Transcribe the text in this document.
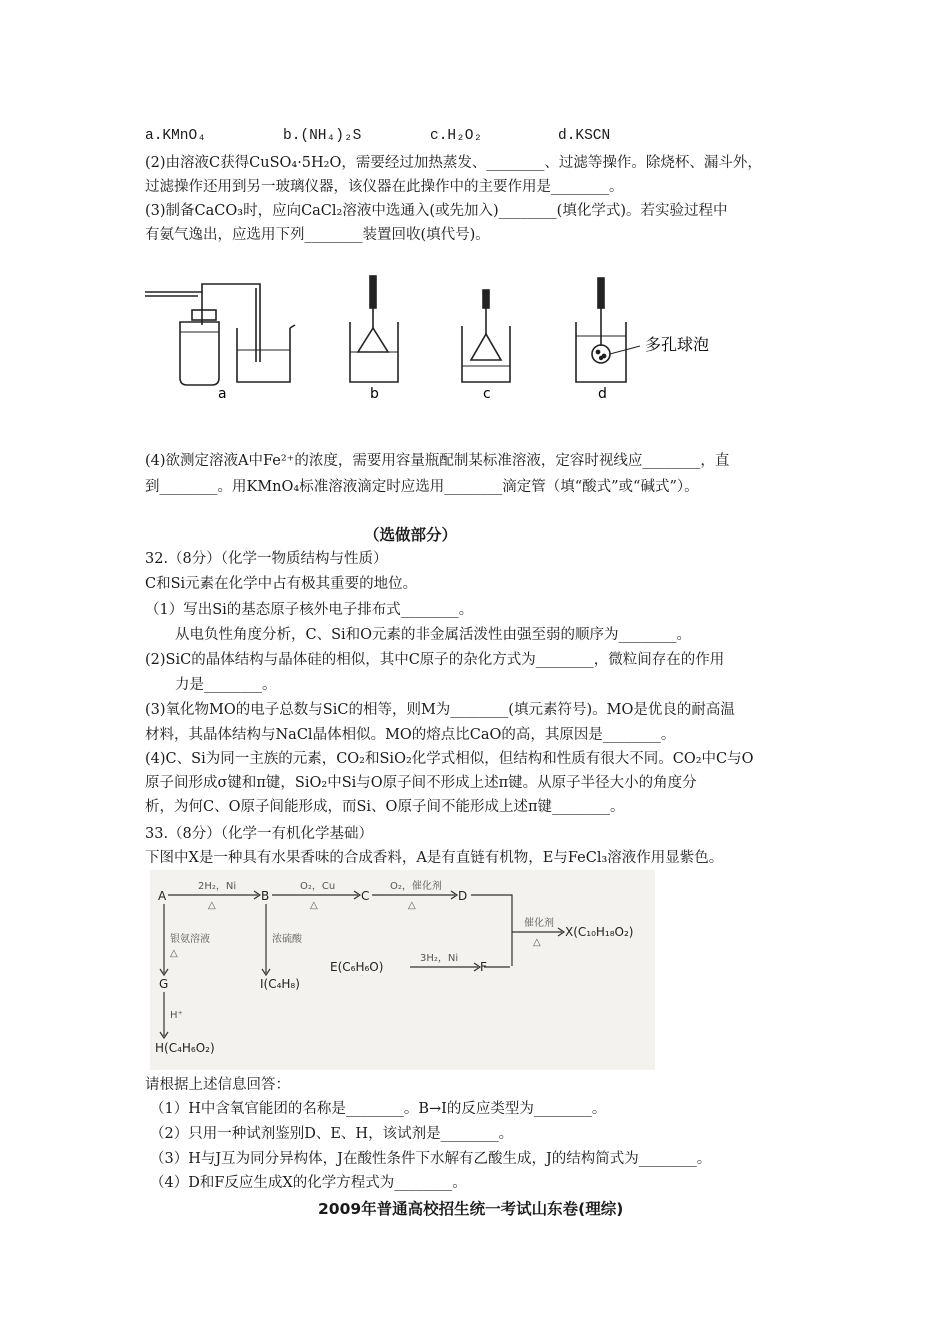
a.KMnO₄	b.(NH₄)₂S	c.H₂O₂	d.KSCN
(2)由溶液C获得CuSO₄·5H₂O，需要经过加热蒸发、________、过滤等操作。除烧杯、漏斗外，
过滤操作还用到另一玻璃仪器，该仪器在此操作中的主要作用是________。
(3)制备CaCO₃时，应向CaCl₂溶液中选通入(或先加入)________(填化学式)。若实验过程中
有氨气逸出，应选用下列________装置回收(填代号)。
a	b	c	d
多孔球泡
(4)欲测定溶液A中Fe²⁺的浓度，需要用容量瓶配制某标准溶液，定容时视线应________，直
到________。用KMnO₄标准溶液滴定时应选用________滴定管（填“酸式”或“碱式”）。
（选做部分）
32.（8分）（化学一物质结构与性质）
C和Si元素在化学中占有极其重要的地位。
（1）写出Si的基态原子核外电子排布式________。
从电负性角度分析，C、Si和O元素的非金属活泼性由强至弱的顺序为________。
(2)SiC的晶体结构与晶体硅的相似，其中C原子的杂化方式为________，微粒间存在的作用
力是________。
(3)氧化物MO的电子总数与SiC的相等，则M为________(填元素符号)。MO是优良的耐高温
材料，其晶体结构与NaCl晶体相似。MO的熔点比CaO的高，其原因是________。
(4)C、Si为同一主族的元素，CO₂和SiO₂化学式相似，但结构和性质有很大不同。CO₂中C与O
原子间形成σ键和π键，SiO₂中Si与O原子间不形成上述π键。从原子半径大小的角度分
析，为何C、O原子间能形成，而Si、O原子间不能形成上述π键________。
33.（8分）（化学一有机化学基础）
下图中X是一种具有水果香味的合成香料，A是有直链有机物，E与FeCl₃溶液作用显紫色。
A	B	C	D
E(C₆H₆O)	F
G	I(C₄H₈)
H(C₄H₆O₂)
X(C₁₀H₁₈O₂)
2H₂，Ni
△
O₂，Cu
△
O₂，催化剂
△
催化剂
△
3H₂，Ni
银氨溶液
△
浓硫酸
H⁺
请根据上述信息回答：
（1）H中含氧官能团的名称是________。B→I的反应类型为________。
（2）只用一种试剂鉴别D、E、H，该试剂是________。
（3）H与J互为同分异构体，J在酸性条件下水解有乙酸生成，J的结构简式为________。
（4）D和F反应生成X的化学方程式为________。
2009年普通高校招生统一考试山东卷(理综)
